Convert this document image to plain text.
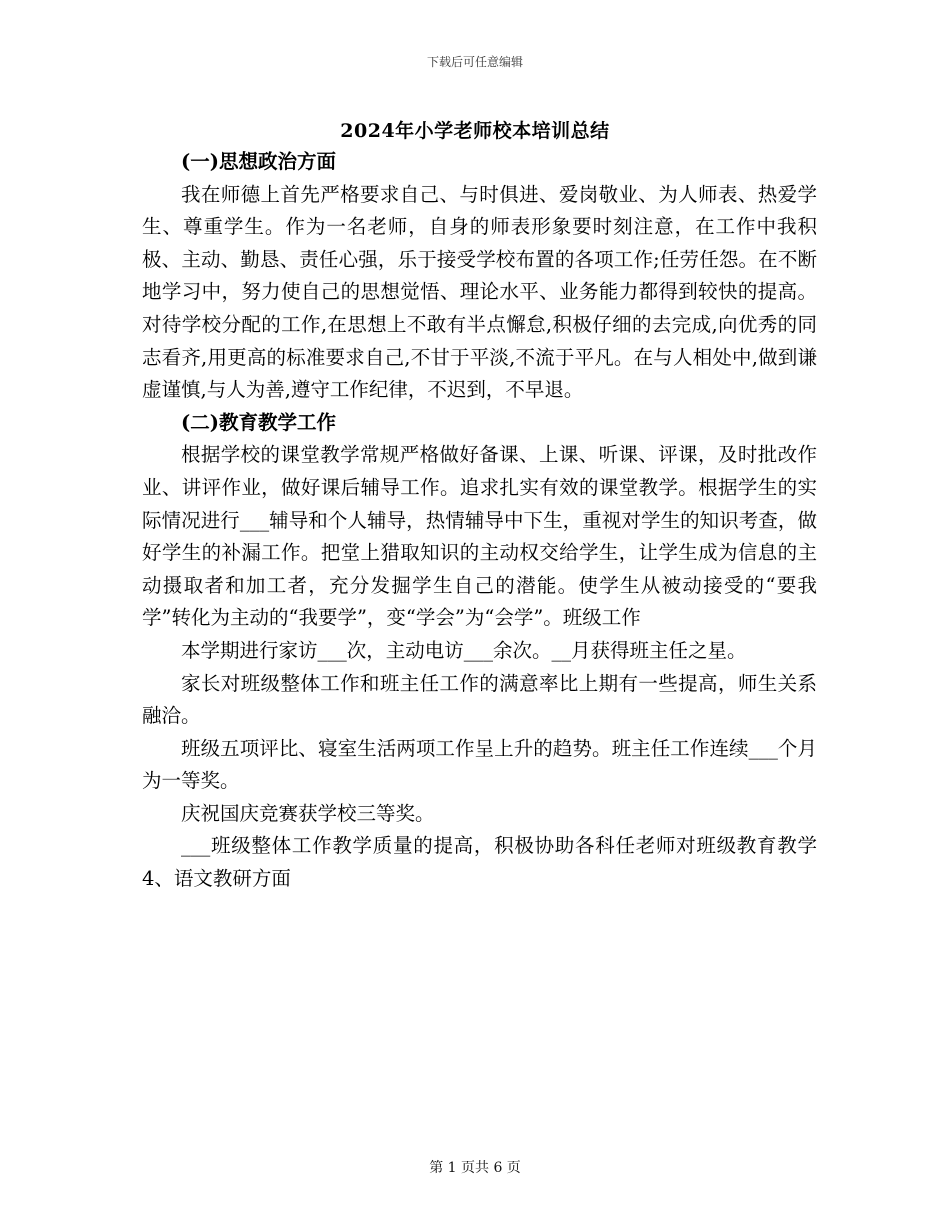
下载后可任意编辑
2024年小学老师校本培训总结
(一)思想政治方面

我在师德上首先严格要求自己、与时俱进、爱岗敬业、为人师表、热爱学生、尊重学生。作为一名老师，自身的师表形象要时刻注意，在工作中我积极、主动、勤恳、责任心强，乐于接受学校布置的各项工作;任劳任怨。在不断地学习中，努力使自己的思想觉悟、理论水平、业务能力都得到较快的提高。对待学校分配的工作,在思想上不敢有半点懈怠,积极仔细的去完成,向优秀的同志看齐,用更高的标准要求自己,不甘于平淡,不流于平凡。在与人相处中,做到谦虚谨慎,与人为善,遵守工作纪律，不迟到，不早退。

(二)教育教学工作

根据学校的课堂教学常规严格做好备课、上课、听课、评课，及时批改作业、讲评作业，做好课后辅导工作。追求扎实有效的课堂教学。根据学生的实际情况进行___辅导和个人辅导，热情辅导中下生，重视对学生的知识考查，做好学生的补漏工作。把堂上猎取知识的主动权交给学生，让学生成为信息的主动摄取者和加工者，充分发掘学生自己的潜能。使学生从被动接受的“要我学”转化为主动的“我要学”，变“学会”为“会学”。班级工作

本学期进行家访___次，主动电访___余次。__月获得班主任之星。

家长对班级整体工作和班主任工作的满意率比上期有一些提高，师生关系融洽。

班级五项评比、寝室生活两项工作呈上升的趋势。班主任工作连续___个月为一等奖。

庆祝国庆竞赛获学校三等奖。

___班级整体工作教学质量的提高，积极协助各科任老师对班级教育教学4、语文教研方面

第 1 页共 6 页
